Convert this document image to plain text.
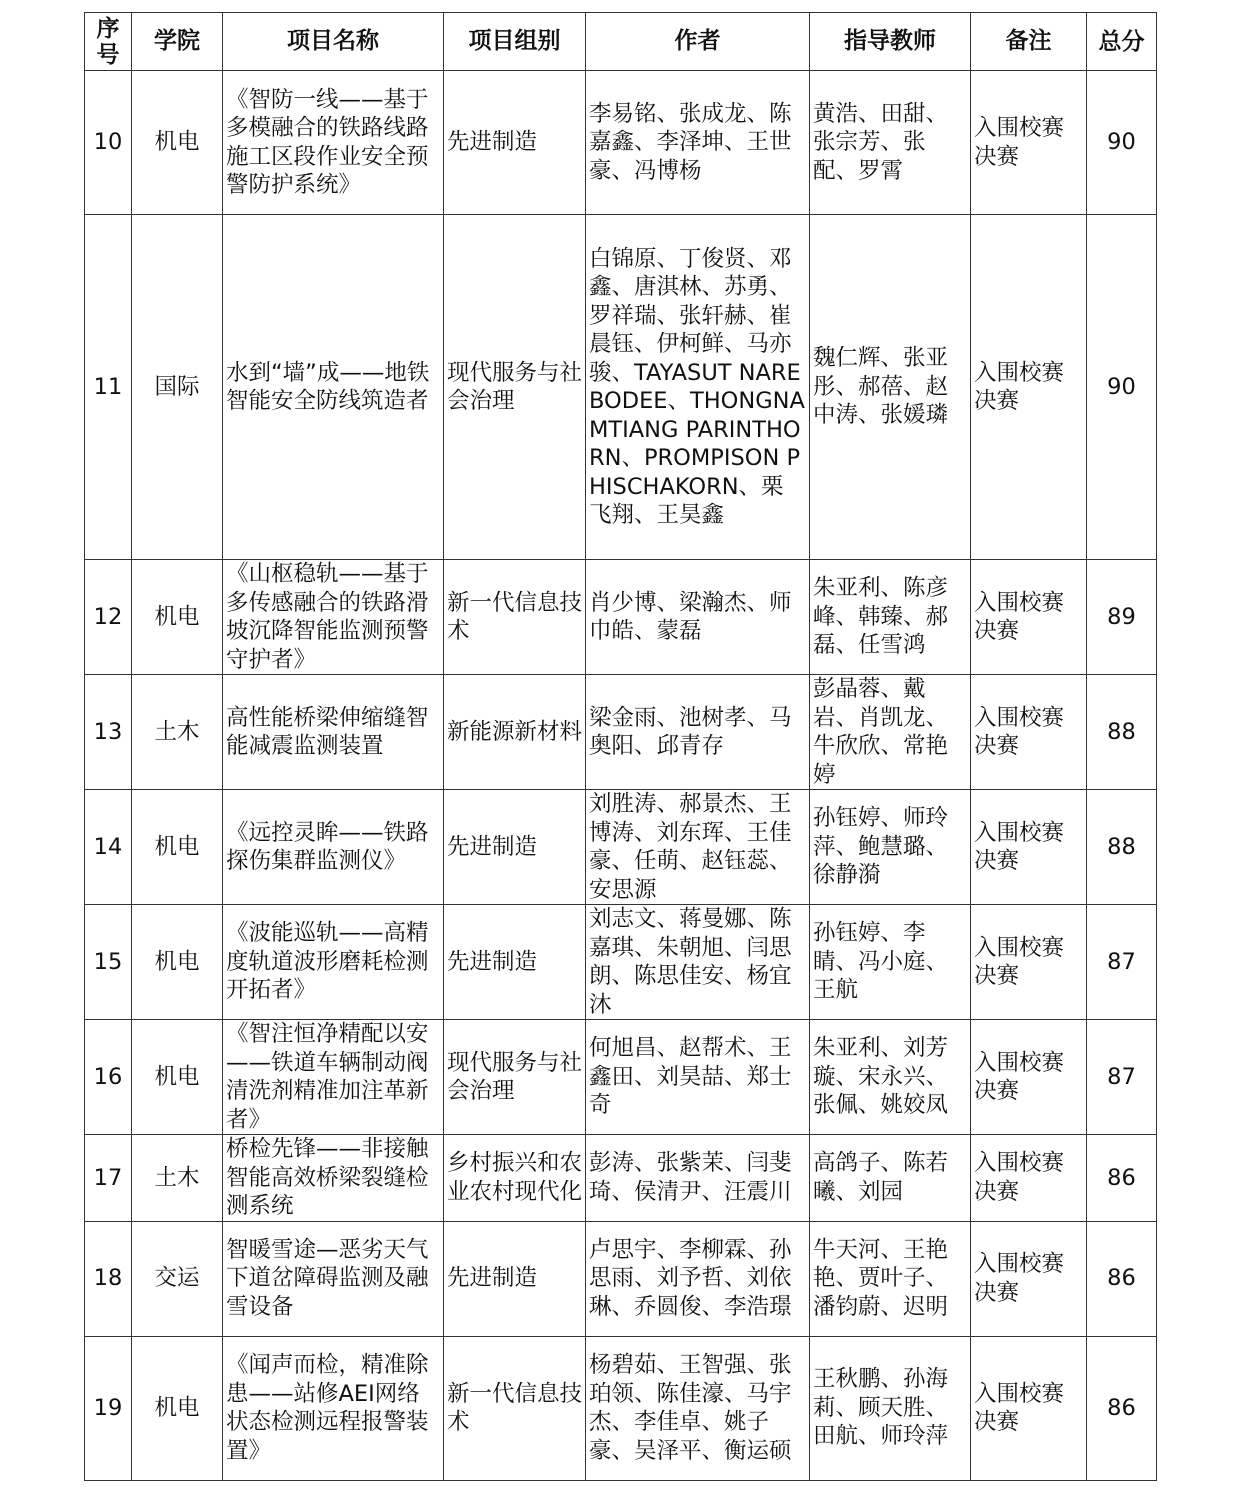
序号	学院	项目名称	项目组别	作者	指导教师	备注	总分

10	机电	《智防一线——基于多模融合的铁路线路施工区段作业安全预警防护系统》	先进制造	李易铭、张成龙、陈嘉鑫、李泽坤、王世豪、冯博杨	黄浩、田甜、张宗芳、张配、罗霄	入围校赛决赛	90
11	国际	水到“墙”成——地铁智能安全防线筑造者	现代服务与社会治理	白锦原、丁俊贤、邓鑫、唐淇林、苏勇、罗祥瑞、张轩赫、崔晨钰、伊柯鲜、马亦骏、TAYASUT NAREBODEE、THONGNAMTIANG PARINTHORN、PROMPISON PHISCHAKORN、栗飞翔、王昊鑫	魏仁辉、张亚彤、郝蓓、赵中涛、张媛璘	入围校赛决赛	90
12	机电	《山枢稳轨——基于多传感融合的铁路滑坡沉降智能监测预警守护者》	新一代信息技术	肖少博、梁瀚杰、师巾皓、蒙磊	朱亚利、陈彦峰、韩臻、郝磊、任雪鸿	入围校赛决赛	89
13	土木	高性能桥梁伸缩缝智能减震监测装置	新能源新材料	梁金雨、池树孝、马奥阳、邱青存	彭晶蓉、戴岩、肖凯龙、牛欣欣、常艳婷	入围校赛决赛	88
14	机电	《远控灵眸——铁路探伤集群监测仪》	先进制造	刘胜涛、郝景杰、王博涛、刘东珲、王佳豪、任萌、赵钰蕊、安思源	孙钰婷、师玲萍、鲍慧璐、徐静漪	入围校赛决赛	88
15	机电	《波能巡轨——高精度轨道波形磨耗检测开拓者》	先进制造	刘志文、蒋曼娜、陈嘉琪、朱朝旭、闫思朗、陈思佳安、杨宜沐	孙钰婷、李睛、冯小庭、王航	入围校赛决赛	87
16	机电	《智注恒净精配以安——铁道车辆制动阀清洗剂精准加注革新者》	现代服务与社会治理	何旭昌、赵帮术、王鑫田、刘昊喆、郑士奇	朱亚利、刘芳璇、宋永兴、张佩、姚姣凤	入围校赛决赛	87
17	土木	桥检先锋——非接触智能高效桥梁裂缝检测系统	乡村振兴和农业农村现代化	彭涛、张紫茉、闫斐琦、侯清尹、汪震川	高鸽子、陈若曦、刘园	入围校赛决赛	86
18	交运	智暖雪途—恶劣天气下道岔障碍监测及融雪设备	先进制造	卢思宇、李柳霖、孙思雨、刘予哲、刘依琳、乔圆俊、李浩璟	牛天河、王艳艳、贾叶子、潘钧蔚、迟明	入围校赛决赛	86
19	机电	《闻声而检，精准除患——站修AEI网络状态检测远程报警装置》	新一代信息技术	杨碧茹、王智强、张珀领、陈佳濠、马宇杰、李佳卓、姚子豪、吴泽平、衡运硕	王秋鹏、孙海莉、顾天胜、田航、师玲萍	入围校赛决赛	86
